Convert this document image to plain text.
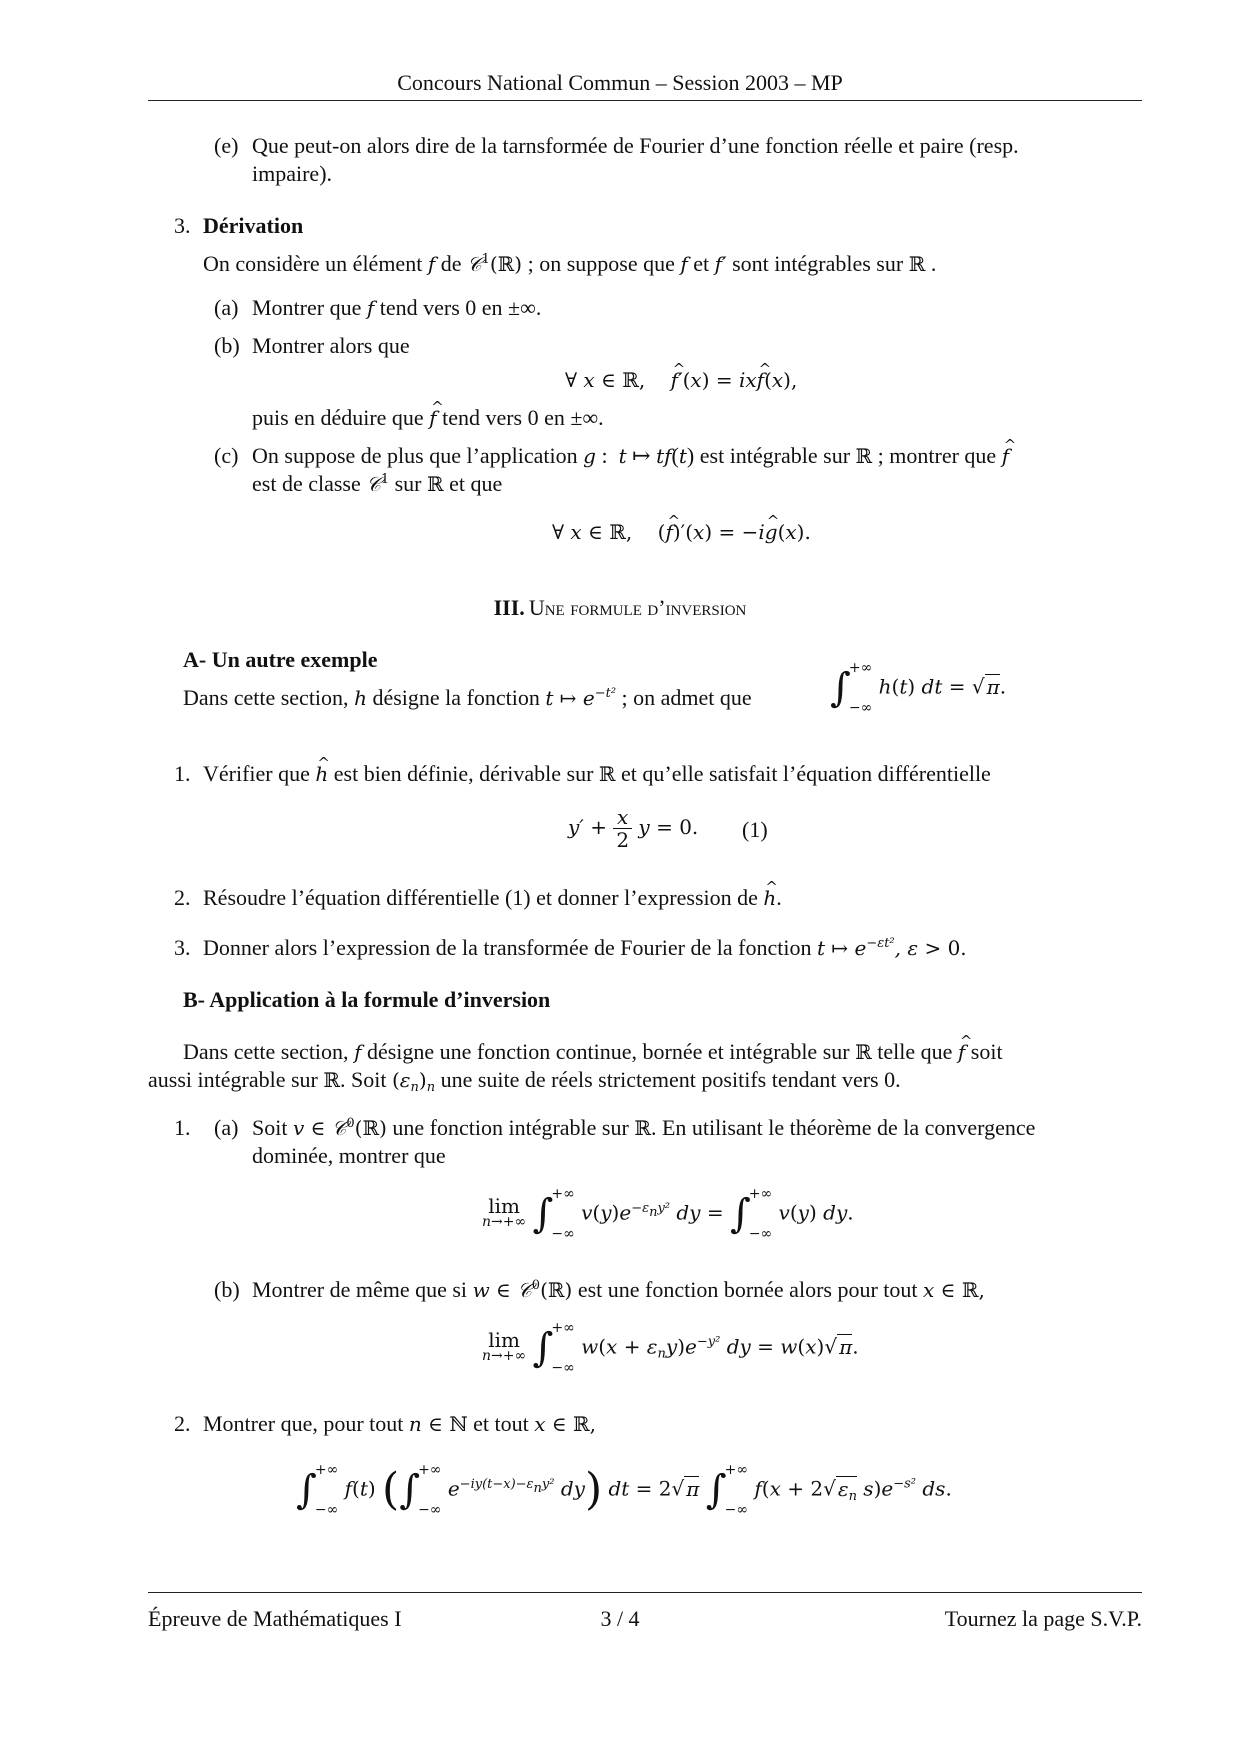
Concours National Commun – Session 2003 – MP
(e) Que peut-on alors dire de la tarnsformée de Fourier d’une fonction réelle et paire (resp.
impaire).
3. Dérivation
On considère un élément f de 𝒞$^1$(ℝ) ; on suppose que f et f′ sont intégrables sur ℝ .
(a) Montrer que f tend vers 0 en ±∞.
(b) Montrer alors que
∀ x ∈ ℝ, f ^′(x) = ixf ^(x),
puis en déduire que f ^ tend vers 0 en ±∞.
(c) On suppose de plus que l’application g :  t ↦ tf(t) est intégrable sur ℝ ; montrer que f ^
est de classe 𝒞$^1$ sur ℝ et que
∀ x ∈ ℝ, (f ^)′(x) = −ig ^(x).
III. Une formule d’inversion
A- Un autre exemple
Dans cette section, h désigne la fonction t ↦ $e^{-t^2}$ ; on admet que ∫
+∞
−∞
h(t) dt = √ π.
1. Vérifier que h ^ est bien définie, dérivable sur ℝ et qu’elle satisfait l’équation différentielle
$y' + \frac{x}{2}$ y = 0. (1)
2. Résoudre l’équation différentielle (1) et donner l’expression de h ^.
3. Donner alors l’expression de la transformée de Fourier de la fonction t ↦ $e^{-\varepsilon t^2}$, ε > 0.
B- Application à la formule d’inversion
Dans cette section, f désigne une fonction continue, bornée et intégrable sur ℝ telle que f ^ soit
aussi intégrable sur ℝ. Soit $(\varepsilon_n)_n$ une suite de réels strictement positifs tendant vers 0.
1. (a) Soit v ∈ 𝒞$^0$(ℝ) une fonction intégrable sur ℝ. En utilisant le théorème de la convergence
dominée, montrer que
lim
n→+∞ ∫
+∞
−∞
$v(y)e^{-\varepsilon_ny^2}$ dy = ∫
+∞
−∞
v(y) dy.
(b) Montrer de même que si w ∈ 𝒞$^0$(ℝ) est une fonction bornée alors pour tout x ∈ ℝ,
lim
n→+∞ ∫
+∞
−∞
$w(x + \varepsilon_ny)e^{-y^2}$ dy = w(x)√ π.
2. Montrer que, pour tout n ∈ ℕ et tout x ∈ ℝ,
∫
+∞
−∞
f(t) (∫
+∞
−∞
$e^{-iy(t-x)-\varepsilon_ny^2}$ dy) dt = 2√ π ∫
+∞
−∞
f(x + 2√ $\varepsilon_n$ $s)e^{-s^2}$ ds.
Épreuve de Mathématiques I	3 / 4	Tournez la page S.V.P.
